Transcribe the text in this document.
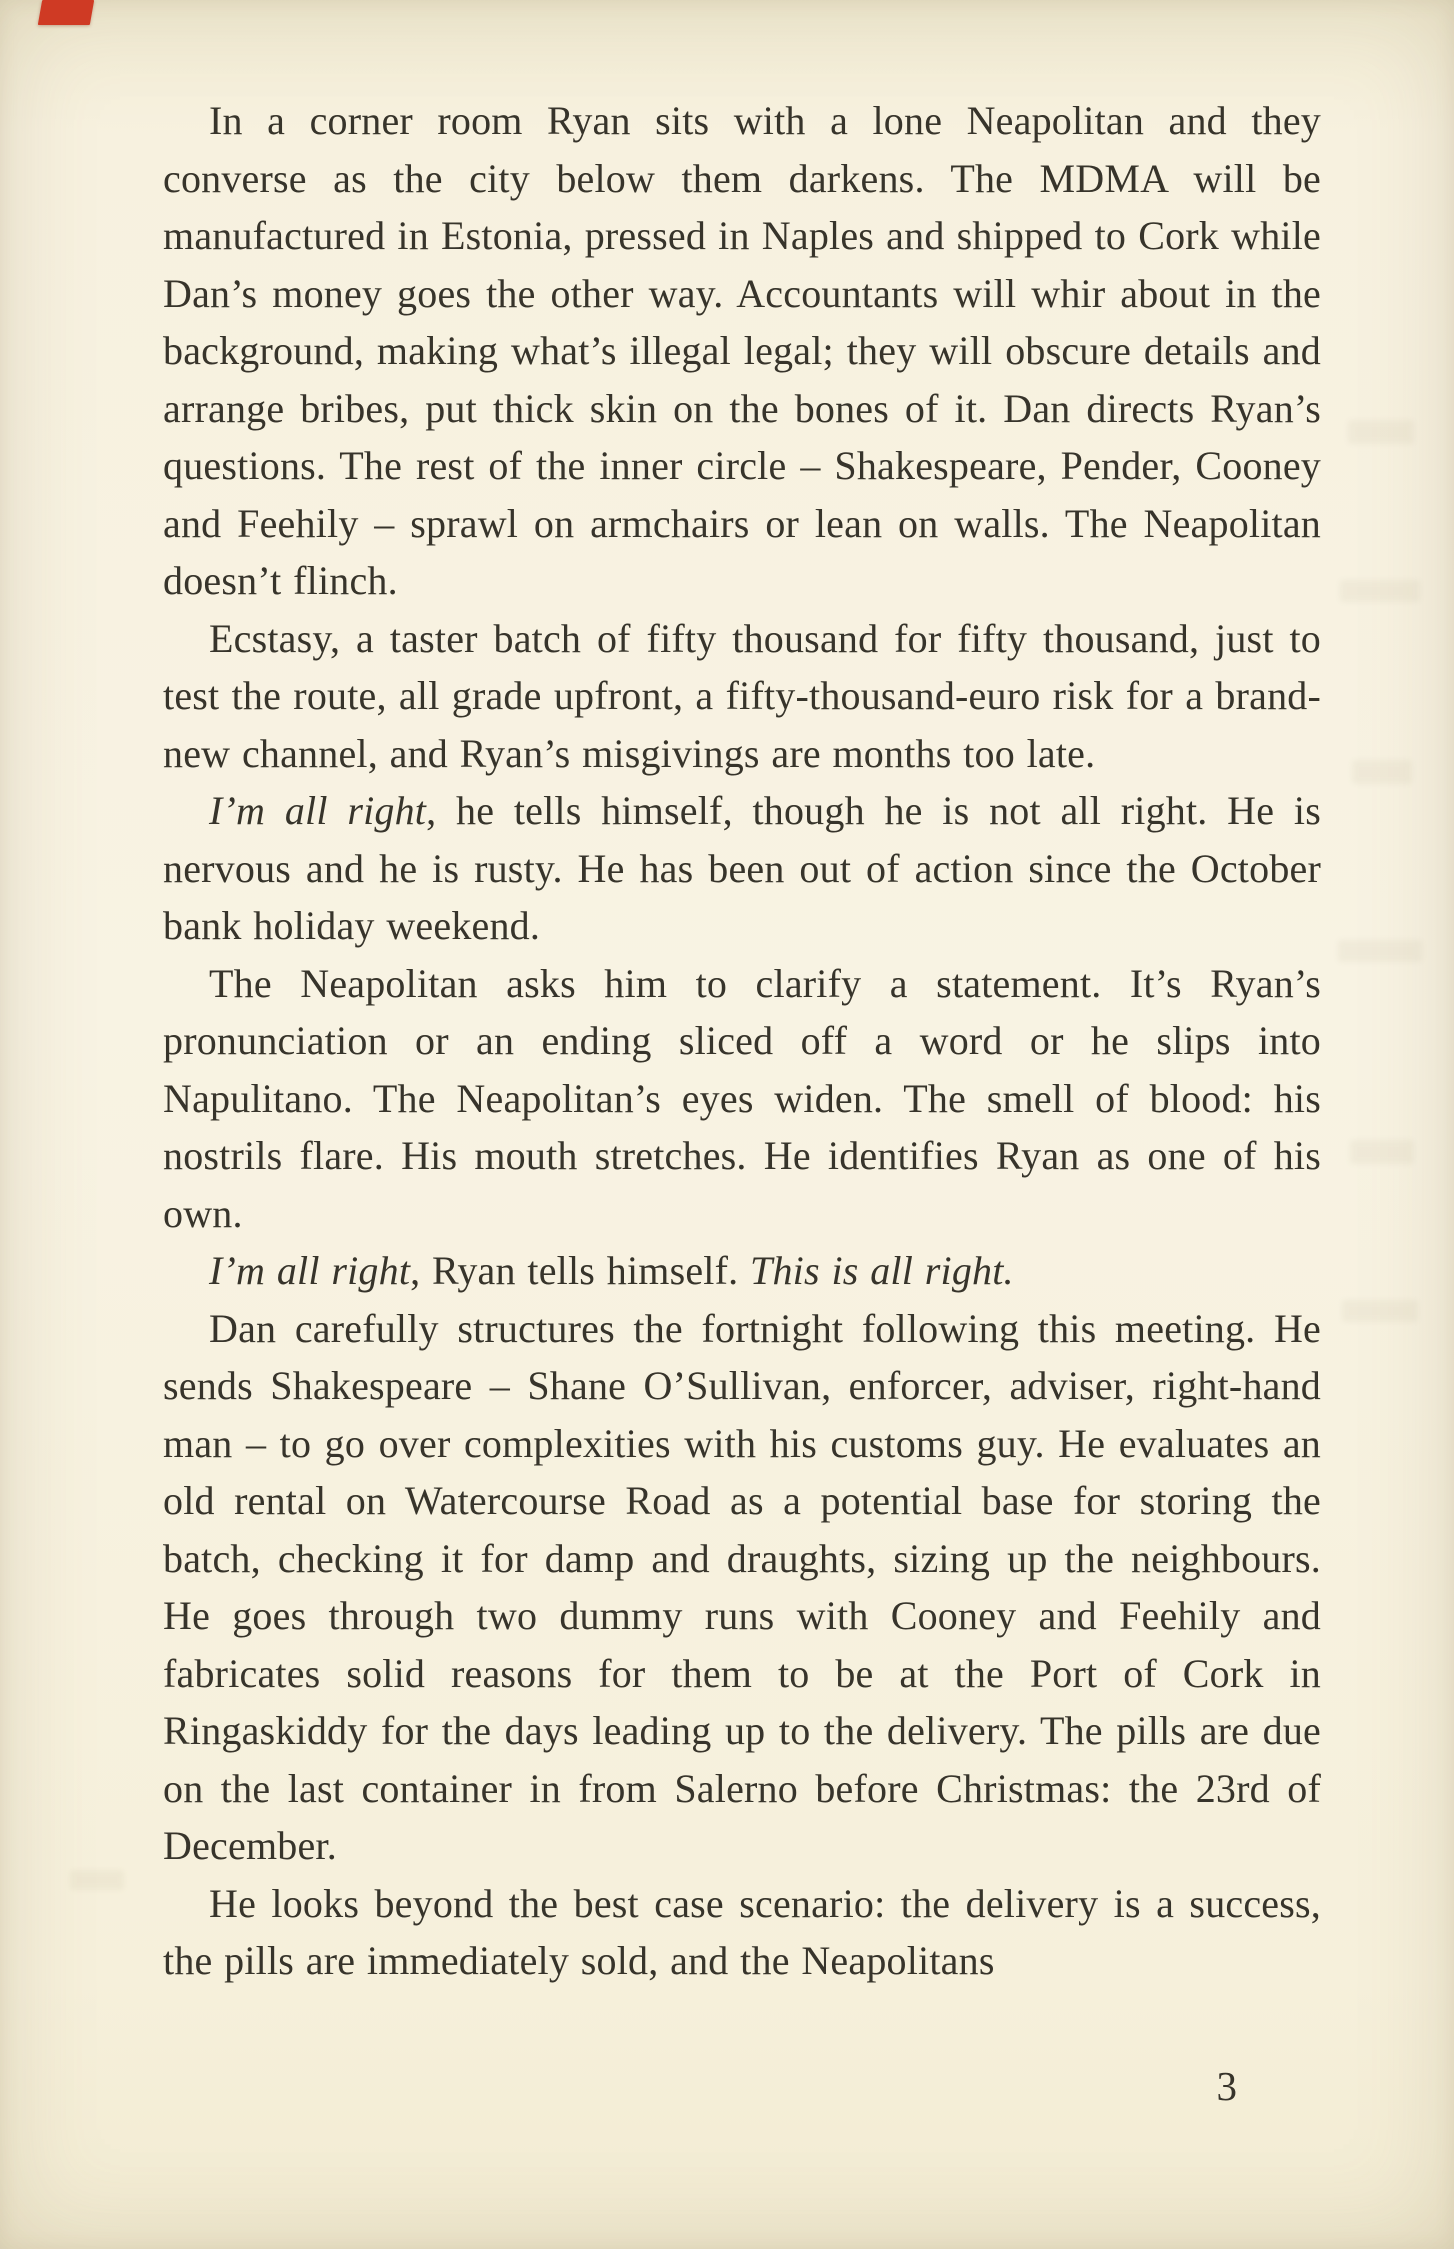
In a corner room Ryan sits with a lone Neapolitan and they converse as the city below them darkens. The MDMA will be manufactured in Estonia, pressed in Naples and shipped to Cork while Dan’s money goes the other way. Accountants will whir about in the background, making what’s illegal legal; they will obscure details and arrange bribes, put thick skin on the bones of it. Dan directs Ryan’s questions. The rest of the inner circle – Shakespeare, Pender, Cooney and Feehily – sprawl on armchairs or lean on walls. The Neapolitan doesn’t flinch.

Ecstasy, a taster batch of fifty thousand for fifty thousand, just to test the route, all grade upfront, a fifty-thousand-euro risk for a brand-new channel, and Ryan’s misgivings are months too late.

I’m all right, he tells himself, though he is not all right. He is nervous and he is rusty. He has been out of action since the October bank holiday weekend.

The Neapolitan asks him to clarify a statement. It’s Ryan’s pronunciation or an ending sliced off a word or he slips into Napulitano. The Neapolitan’s eyes widen. The smell of blood: his nostrils flare. His mouth stretches. He identifies Ryan as one of his own.

I’m all right, Ryan tells himself. This is all right.

Dan carefully structures the fortnight following this meeting. He sends Shakespeare – Shane O’Sullivan, enforcer, adviser, right-hand man – to go over complexities with his customs guy. He evaluates an old rental on Watercourse Road as a potential base for storing the batch, checking it for damp and draughts, sizing up the neighbours. He goes through two dummy runs with Cooney and Feehily and fabricates solid reasons for them to be at the Port of Cork in Ringaskiddy for the days leading up to the delivery. The pills are due on the last container in from Salerno before Christmas: the 23rd of December.

He looks beyond the best case scenario: the delivery is a success, the pills are immediately sold, and the Neapolitans

3
